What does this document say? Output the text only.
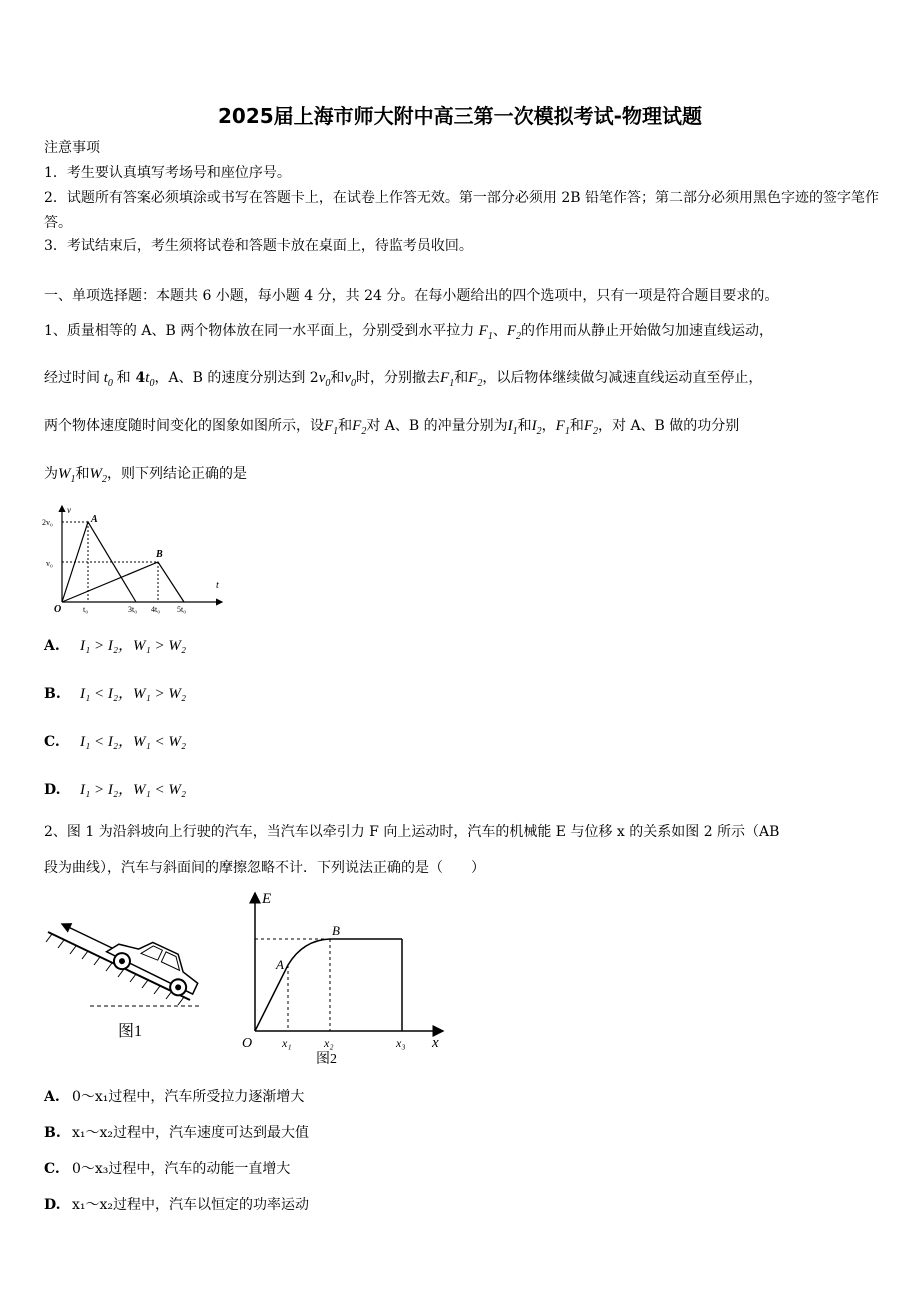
2025届上海市师大附中高三第一次模拟考试-物理试题
注意事项
1．考生要认真填写考场号和座位序号。
2．试题所有答案必须填涂或书写在答题卡上，在试卷上作答无效。第一部分必须用 2B 铅笔作答；第二部分必须用黑色字迹的签字笔作答。
3．考试结束后，考生须将试卷和答题卡放在桌面上，待监考员收回。
一、单项选择题：本题共 6 小题，每小题 4 分，共 24 分。在每小题给出的四个选项中，只有一项是符合题目要求的。
1、质量相等的 A、B 两个物体放在同一水平面上，分别受到水平拉力 $F_1$、$F_2$的作用而从静止开始做匀加速直线运动，
经过时间 $t_0$ 和 $4t_0$，A、B 的速度分别达到 $2v_0$和$v_0$时，分别撤去$F_1$和$F_2$，以后物体继续做匀减速直线运动直至停止，
两个物体速度随时间变化的图象如图所示，设$F_1$和$F_2$对 A、B 的冲量分别为$I_1$和$I_2$，$F_1$和$F_2$，对 A、B 做的功分别
为$W_1$和$W_2$，则下列结论正确的是
v
t
O
2v₀
v₀
A
B
t₀	3t₀ 4t₀ 5t₀
A. I₁ > I₂，W₁ > W₂
B. I₁ < I₂，W₁ > W₂
C. I₁ < I₂，W₁ < W₂
D. I₁ > I₂，W₁ < W₂
2、图 1 为沿斜坡向上行驶的汽车，当汽车以牵引力 F 向上运动时，汽车的机械能 E 与位移 x 的关系如图 2 所示（AB
段为曲线），汽车与斜面间的摩擦忽略不计．下列说法正确的是（　　）
图1
E
x
O
A
B
x₁	x₂	x₃
图2
A. 0～x₁过程中，汽车所受拉力逐渐增大
B. x₁～x₂过程中，汽车速度可达到最大值
C. 0～x₃过程中，汽车的动能一直增大
D. x₁～x₂过程中，汽车以恒定的功率运动
